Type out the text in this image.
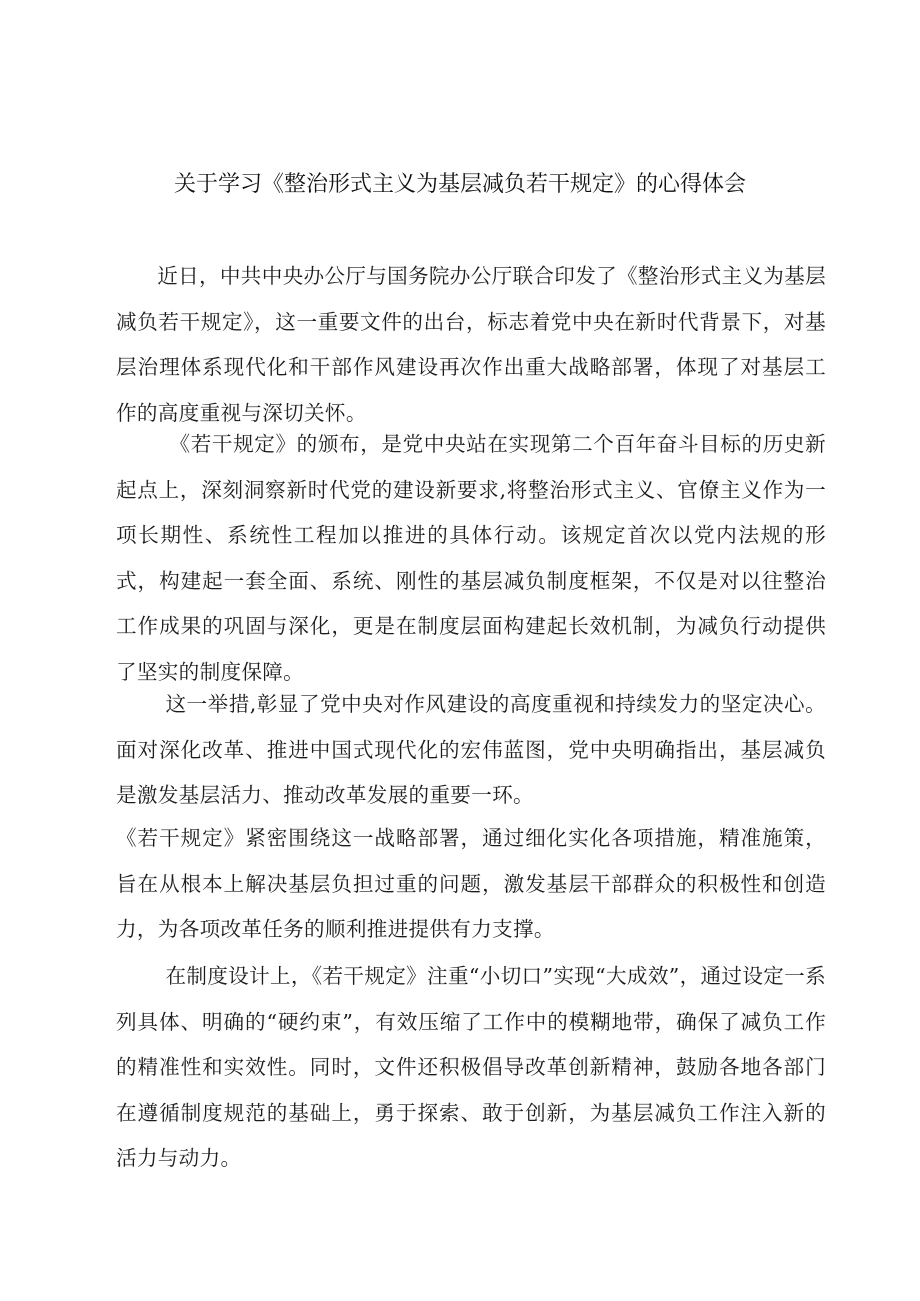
关于学习《整治形式主义为基层减负若干规定》的心得体会

近日，中共中央办公厅与国务院办公厅联合印发了《整治形式主义为基层减负若干规定》，这一重要文件的出台，标志着党中央在新时代背景下，对基层治理体系现代化和干部作风建设再次作出重大战略部署，体现了对基层工作的高度重视与深切关怀。

《若干规定》的颁布，是党中央站在实现第二个百年奋斗目标的历史新起点上，深刻洞察新时代党的建设新要求,将整治形式主义、官僚主义作为一项长期性、系统性工程加以推进的具体行动。该规定首次以党内法规的形式，构建起一套全面、系统、刚性的基层减负制度框架，不仅是对以往整治工作成果的巩固与深化，更是在制度层面构建起长效机制，为减负行动提供了坚实的制度保障。

这一举措,彰显了党中央对作风建设的高度重视和持续发力的坚定决心。面对深化改革、推进中国式现代化的宏伟蓝图，党中央明确指出，基层减负是激发基层活力、推动改革发展的重要一环。

《若干规定》紧密围绕这一战略部署，通过细化实化各项措施，精准施策，旨在从根本上解决基层负担过重的问题，激发基层干部群众的积极性和创造力，为各项改革任务的顺利推进提供有力支撑。

在制度设计上，《若干规定》注重“小切口”实现“大成效”，通过设定一系列具体、明确的“硬约束”，有效压缩了工作中的模糊地带，确保了减负工作的精准性和实效性。同时，文件还积极倡导改革创新精神，鼓励各地各部门在遵循制度规范的基础上，勇于探索、敢于创新，为基层减负工作注入新的活力与动力。
